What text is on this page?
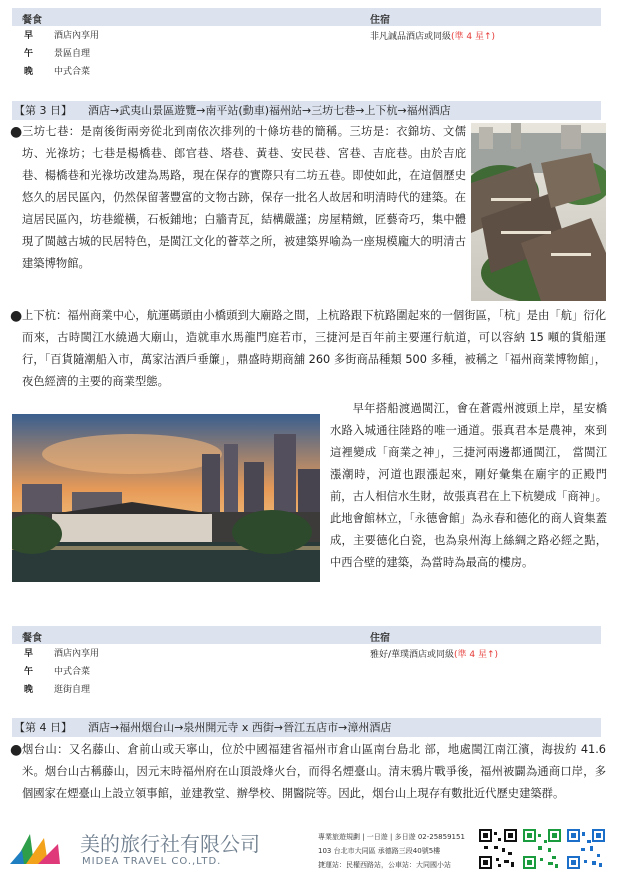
餐食	住宿
早 酒店內享用
午 景區自理
晚 中式合菜
非凡誠品酒店或同級(準 4 星↑)
【第 3 日】 酒店→武夷山景區遊覽→南平站(動車)福州站→三坊七巷→上下杭→福州酒店
● 三坊七巷：是南後街兩旁從北到南依次排列的十條坊巷的簡稱。三坊是：衣錦坊、文儒坊、光祿坊；七巷是楊橋巷、郎官巷、塔巷、黃巷、安民巷、宮巷、吉庇巷。由於吉庇巷、楊橋巷和光祿坊改建為馬路，現在保存的實際只有二坊五巷。即使如此，在這個歷史悠久的居民區內，仍然保留著豐富的文物古跡，保存一批名人故居和明清時代的建築。在這居民區內，坊巷縱橫，石板鋪地；白牆青瓦，結構嚴謹；房屋精緻，匠藝奇巧，集中體現了閩越古城的民居特色，是閩江文化的薈萃之所，被建築界喻為一座規模龐大的明清古建築博物館。
● 上下杭：福州商業中心，航運碼頭由小橋頭到大廟路之間，上杭路跟下杭路圍起來的一個街區，「杭」是由「航」衍化而來，古時閩江水繞過大廟山，造就車水馬龍門庭若市，三捷河是百年前主要運行航道，可以容納 15 噸的貨船運行，「百貨隨潮船入市，萬家沽酒戶垂簾」，鼎盛時期商舖 260 多街商品種類 500 多種，被稱之「福州商業博物館」，夜色經濟的主要的商業型態。
早年搭船渡過閩江，會在蒼霞州渡頭上岸，星安橋水路入城通往陸路的唯一通道。張真君本是農神，來到這裡變成「商業之神」，三捷河兩邊都通閩江， 當閩江漲潮時，河道也跟漲起來，剛好彙集在廟宇的正殿門前，古人相信水生財，故張真君在上下杭變成「商神」。此地會館林立，「永德會館」為永春和德化的商人資集蓋成，主要德化白瓷，也為泉州海上絲綢之路必經之點，中西合壁的建築，為當時為最高的樓房。
餐食	住宿
早 酒店內享用
午 中式合菜
晚 逛街自理
雅好/華璞酒店或同級(準 4 星↑)
【第 4 日】 酒店→福州烟台山→泉州開元寺 x 西街→晉江五店市→漳州酒店
● 烟台山：又名藤山、倉前山或天寧山，位於中國福建省福州市倉山區南台島北 部，地處閩江南江濱，海拔約 41.6 米。烟台山古稱藤山，因元末時福州府在山頂設烽火台，而得名煙臺山。清末鴉片戰爭後，福州被闢為通商口岸，多個國家在煙臺山上設立領事館，並建教堂、辦學校、開醫院等。因此，烟台山上現存有數批近代歷史建築群。
美的旅行社有限公司
MIDEA TRAVEL CO.,LTD.
專業旅遊規劃 | 一日遊 | 多日遊 02-25859151
103 台北市大同區 承德路三段40號5樓
捷運站：民權西路站，公車站：大同國小站
